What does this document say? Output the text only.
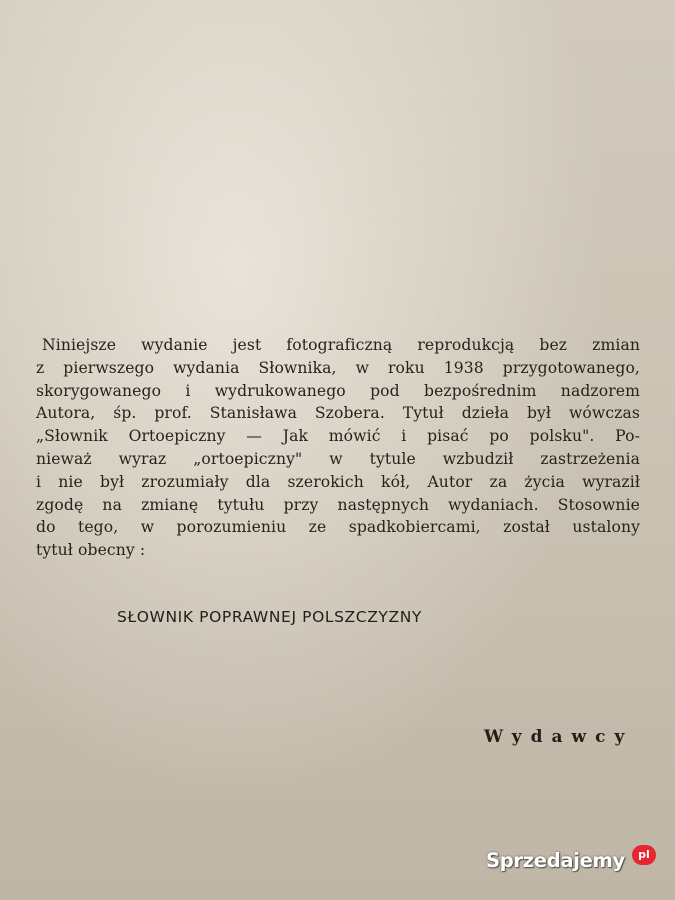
Niniejsze wydanie jest fotograficzną reprodukcją bez zmian
z pierwszego wydania Słownika, w roku 1938 przygotowanego,
skorygowanego i wydrukowanego pod bezpośrednim nadzorem
Autora, śp. prof. Stanisława Szobera. Tytuł dzieła był wówczas
„Słownik Ortoepiczny — Jak mówić i pisać po polsku". Po-
nieważ wyraz „ortoepiczny" w tytule wzbudził zastrzeżenia
i nie był zrozumiały dla szerokich kół, Autor za życia wyraził
zgodę na zmianę tytułu przy następnych wydaniach. Stosownie
do tego, w porozumieniu ze spadkobiercami, został ustalony
tytuł obecny :
SŁOWNIK POPRAWNEJ POLSZCZYZNY
Wydawcy
Sprzedajemy	pl
